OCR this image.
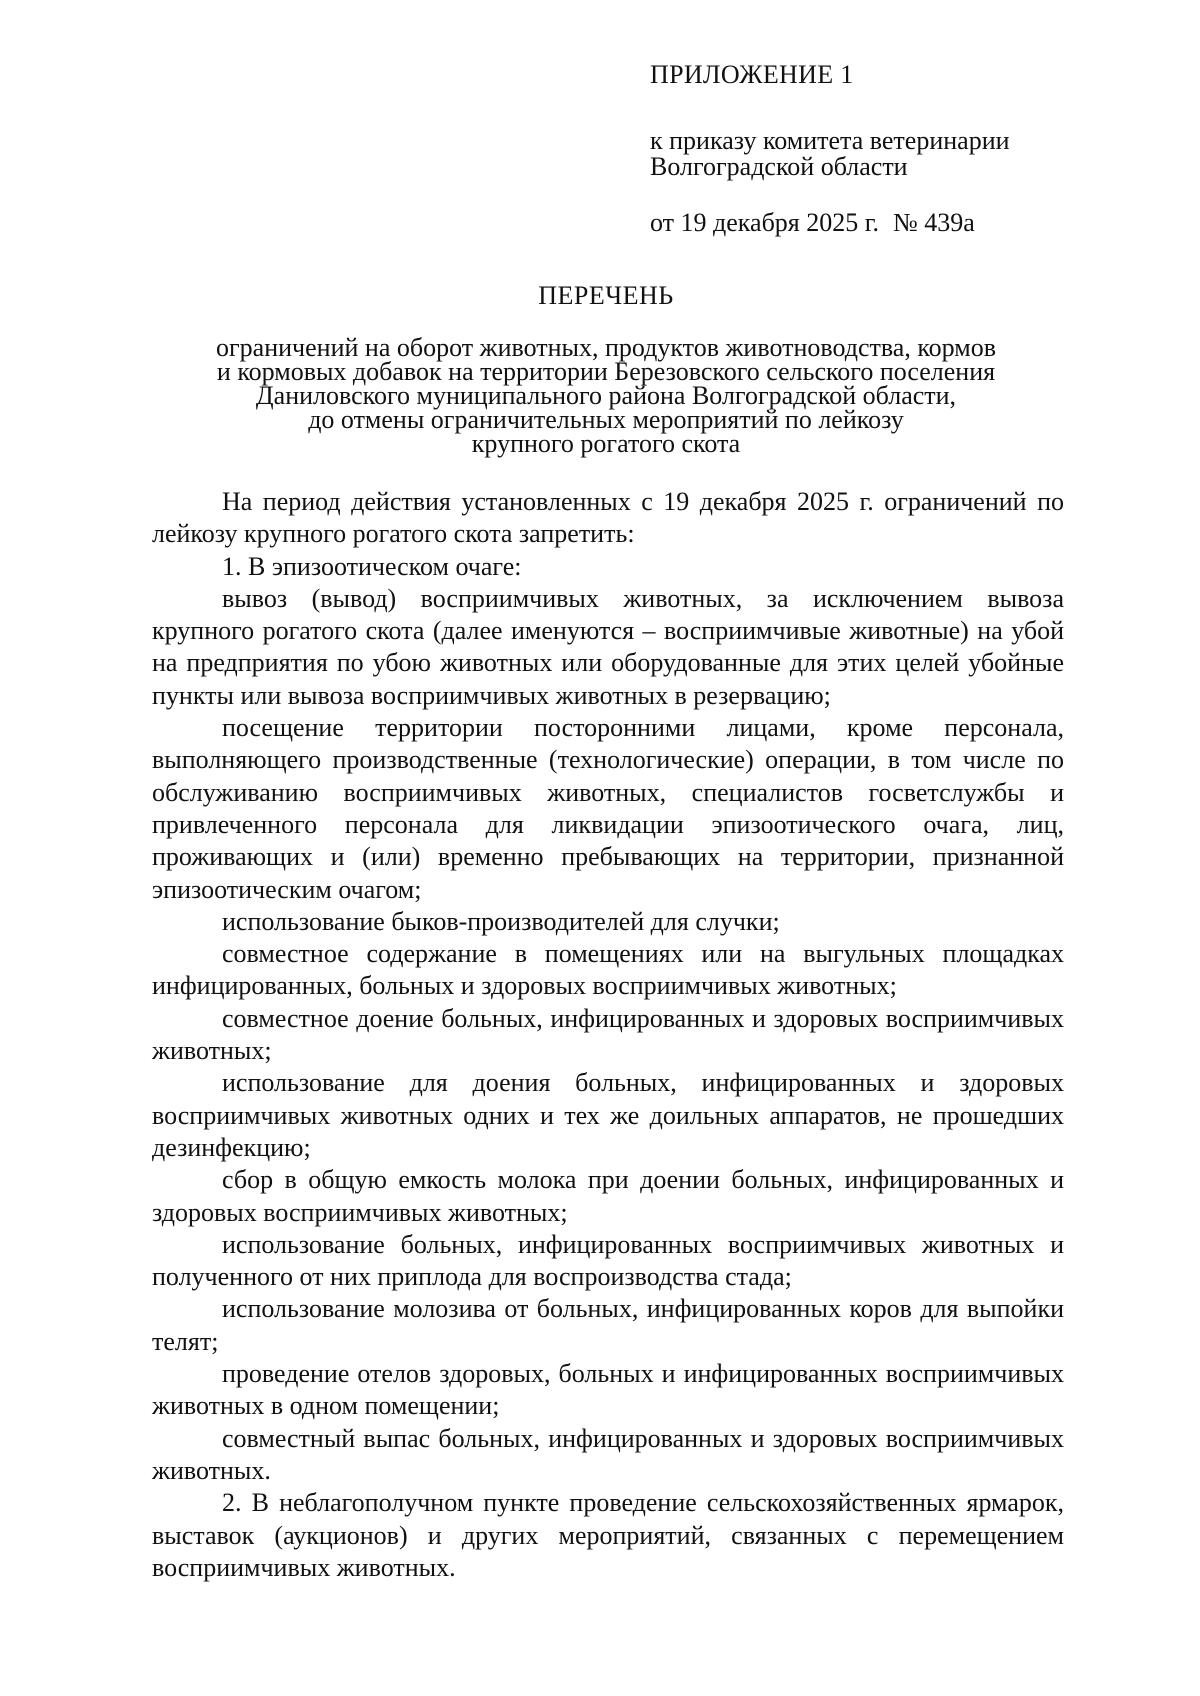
ПРИЛОЖЕНИЕ 1
к приказу комитета ветеринарии Волгоградской области
от 19 декабря 2025 г. № 439а
ПЕРЕЧЕНЬ
ограничений на оборот животных, продуктов животноводства, кормов
и кормовых добавок на территории Березовского сельского поселения
Даниловского муниципального района Волгоградской области,
до отмены ограничительных мероприятий по лейкозу
крупного рогатого скота

На период действия установленных с 19 декабря 2025 г. ограничений по лейкозу крупного рогатого скота запретить:

1. В эпизоотическом очаге:

вывоз (вывод) восприимчивых животных, за исключением вывоза крупного рогатого скота (далее именуются – восприимчивые животные) на убой на предприятия по убою животных или оборудованные для этих целей убойные пункты или вывоза восприимчивых животных в резервацию;

посещение территории посторонними лицами, кроме персонала, выполняющего производственные (технологические) операции, в том числе по обслуживанию восприимчивых животных, специалистов госветслужбы и привлеченного персонала для ликвидации эпизоотического очага, лиц, проживающих и (или) временно пребывающих на территории, признанной эпизоотическим очагом;

использование быков-производителей для случки;

совместное содержание в помещениях или на выгульных площадках инфицированных, больных и здоровых восприимчивых животных;

совместное доение больных, инфицированных и здоровых восприимчивых животных;

использование для доения больных, инфицированных и здоровых восприимчивых животных одних и тех же доильных аппаратов, не прошедших дезинфекцию;

сбор в общую емкость молока при доении больных, инфицированных и здоровых восприимчивых животных;

использование больных, инфицированных восприимчивых животных и полученного от них приплода для воспроизводства стада;

использование молозива от больных, инфицированных коров для выпойки телят;

проведение отелов здоровых, больных и инфицированных восприимчивых животных в одном помещении;

совместный выпас больных, инфицированных и здоровых восприимчивых животных.

2. В неблагополучном пункте проведение сельскохозяйственных ярмарок, выставок (аукционов) и других мероприятий, связанных с перемещением восприимчивых животных.
